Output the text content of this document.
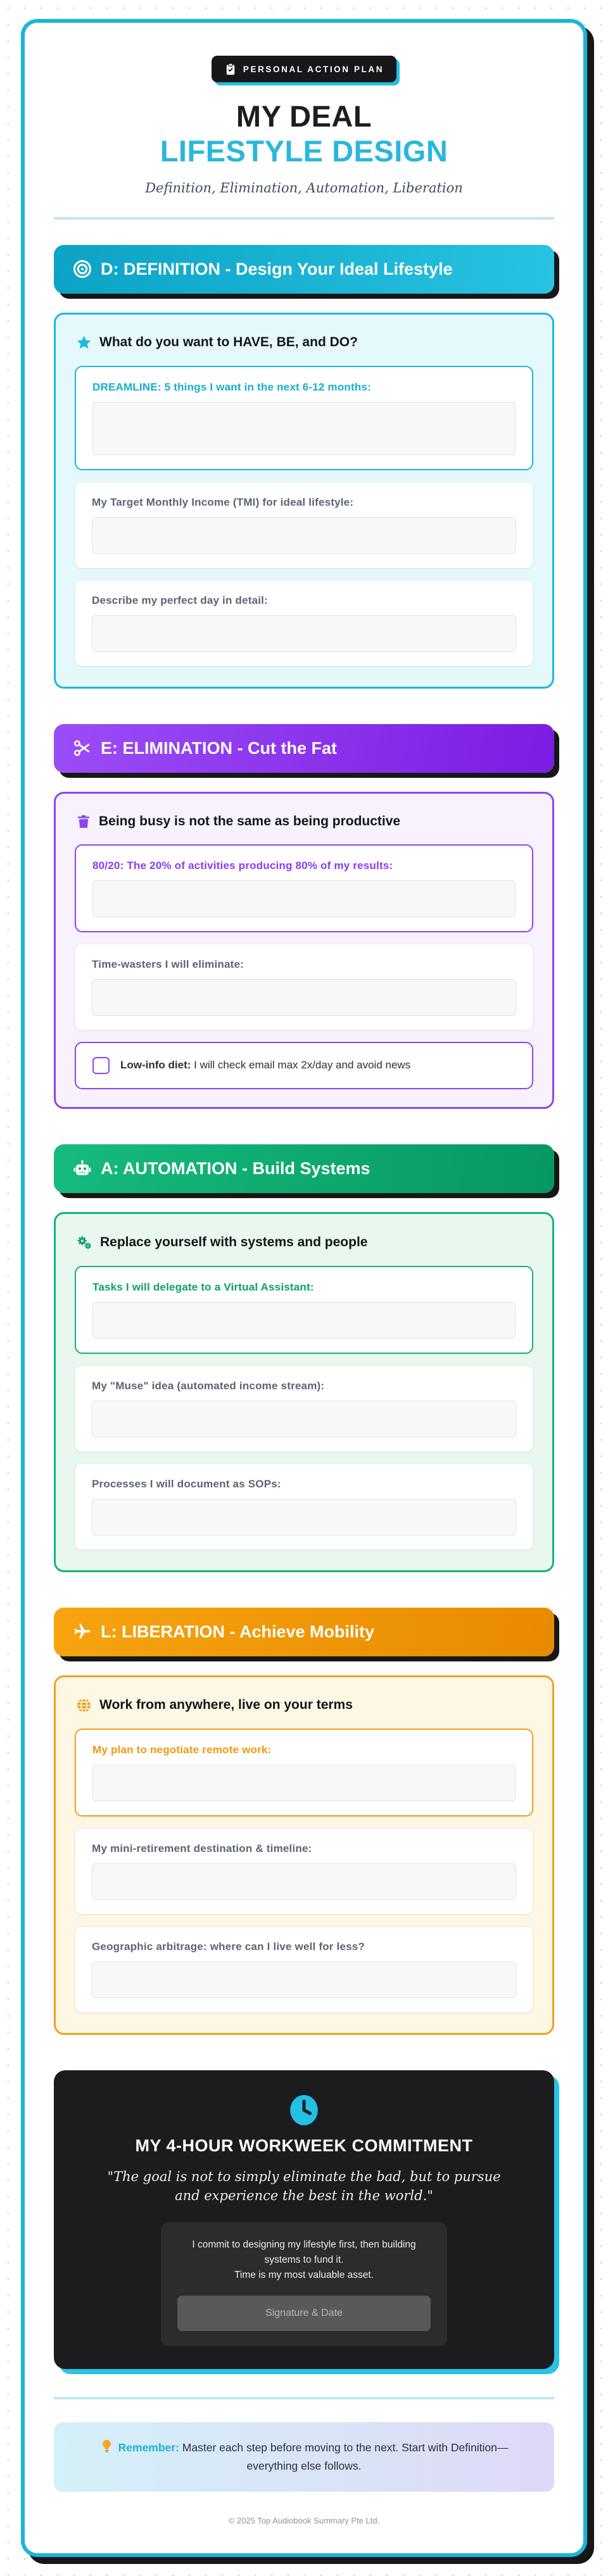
PERSONAL ACTION PLAN
MY DEAL
LIFESTYLE DESIGN
Definition, Elimination, Automation, Liberation
D: DEFINITION - Design Your Ideal Lifestyle
What do you want to HAVE, BE, and DO?
DREAMLINE: 5 things I want in the next 6-12 months:
My Target Monthly Income (TMI) for ideal lifestyle:
Describe my perfect day in detail:
E: ELIMINATION - Cut the Fat
Being busy is not the same as being productive
80/20: The 20% of activities producing 80% of my results:
Time-wasters I will eliminate:
Low-info diet: I will check email max 2x/day and avoid news
A: AUTOMATION - Build Systems
Replace yourself with systems and people
Tasks I will delegate to a Virtual Assistant:
My "Muse" idea (automated income stream):
Processes I will document as SOPs:
L: LIBERATION - Achieve Mobility
Work from anywhere, live on your terms
My plan to negotiate remote work:
My mini-retirement destination & timeline:
Geographic arbitrage: where can I live well for less?
MY 4-HOUR WORKWEEK COMMITMENT
"The goal is not to simply eliminate the bad, but to pursue and experience the best in the world."
I commit to designing my lifestyle first, then building systems to fund it.
Time is my most valuable asset.
Signature & Date
Remember: Master each step before moving to the next. Start with Definition—everything else follows.
© 2025 Top Audiobook Summary Pte Ltd.
